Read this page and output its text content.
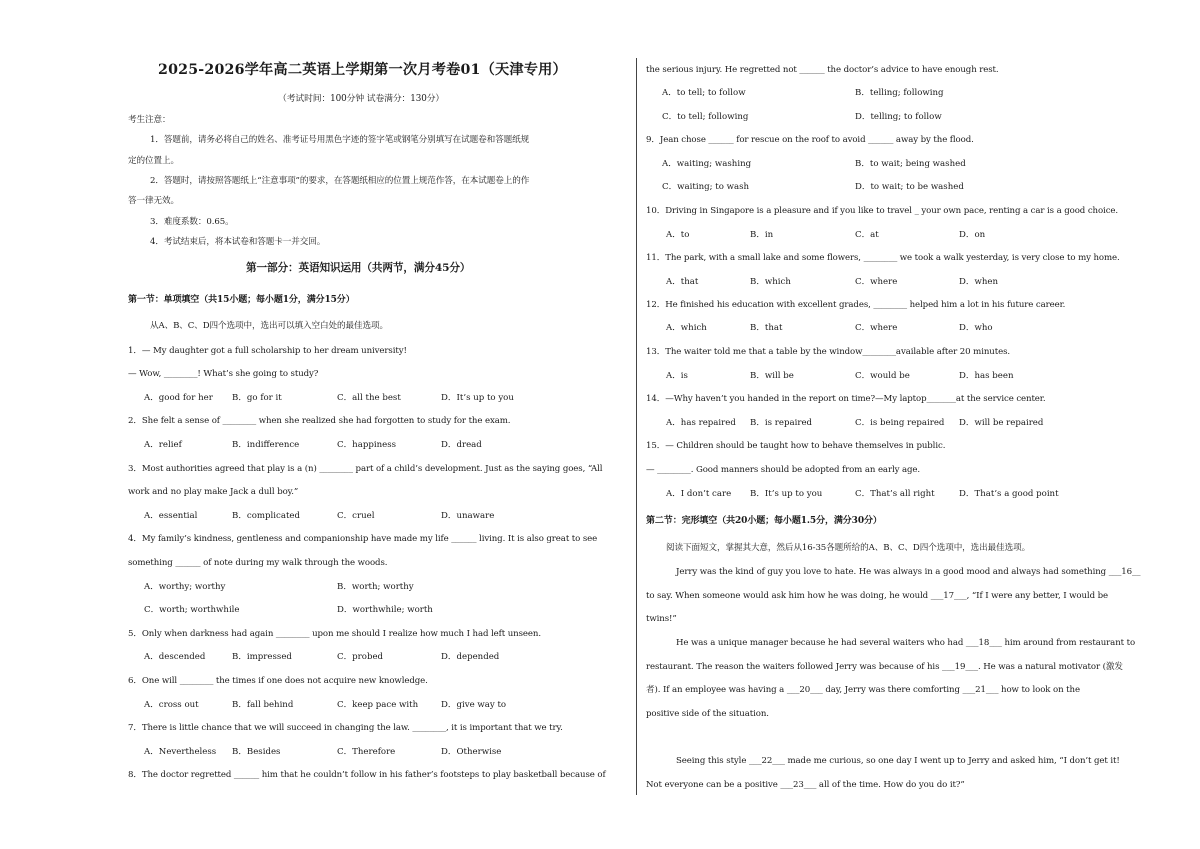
2025-2026学年高二英语上学期第一次月考卷01（天津专用）
（考试时间：100分钟 试卷满分：130分）
考生注意：
1．答题前，请务必将自己的姓名、准考证号用黑色字迹的签字笔或钢笔分别填写在试题卷和答题纸规
定的位置上。
2．答题时，请按照答题纸上“注意事项”的要求，在答题纸相应的位置上规范作答，在本试题卷上的作
答一律无效。
3．难度系数：0.65。
4．考试结束后，将本试卷和答题卡一并交回。
第一部分：英语知识运用（共两节，满分45分）
第一节：单项填空（共15小题；每小题1分，满分15分）
从A、B、C、D四个选项中，选出可以填入空白处的最佳选项。
1．— My daughter got a full scholarship to her dream university!
— Wow, ________! What’s she going to study?
A．good for her B．go for it	C．all the best	D．It’s up to you
2．She felt a sense of ________ when she realized she had forgotten to study for the exam.
A．relief	B．indifference	C．happiness	D．dread
3．Most authorities agreed that play is a (n) ________ part of a child’s development. Just as the saying goes, “All
work and no play make Jack a dull boy.”
A．essential	B．complicated	C．cruel	D．unaware
4．My family’s kindness, gentleness and companionship have made my life ______ living. It is also great to see
something ______ of note during my walk through the woods.
A．worthy; worthy	B．worth; worthy
C．worth; worthwhile	D．worthwhile; worth
5．Only when darkness had again ________ upon me should I realize how much I had left unseen.
A．descended	B．impressed	C．probed	D．depended
6．One will ________ the times if one does not acquire new knowledge.
A．cross out	B．fall behind	C．keep pace with	D．give way to
7．There is little chance that we will succeed in changing the law. ________, it is important that we try.
A．Nevertheless B．Besides	C．Therefore	D．Otherwise
8．The doctor regretted ______ him that he couldn’t follow in his father’s footsteps to play basketball because of
the serious injury. He regretted not ______ the doctor’s advice to have enough rest.
A．to tell; to follow	B．telling; following
C．to tell; following	D．telling; to follow
9．Jean chose ______ for rescue on the roof to avoid ______ away by the flood.
A．waiting; washing	B．to wait; being washed
C．waiting; to wash	D．to wait; to be washed
10．Driving in Singapore is a pleasure and if you like to travel _ your own pace, renting a car is a good choice.
A．to	B．in	C．at	D．on
11．The park, with a small lake and some flowers, ________ we took a walk yesterday, is very close to my home.
A．that	B．which	C．where	D．when
12．He finished his education with excellent grades, ________ helped him a lot in his future career.
A．which	B．that	C．where	D．who
13．The waiter told me that a table by the window________available after 20 minutes.
A．is	B．will be	C．would be	D．has been
14．—Why haven’t you handed in the report on time?—My laptop_______at the service center.
A．has repaired B．is repaired	C．is being repaired D．will be repaired
15．— Children should be taught how to behave themselves in public.
— ________. Good manners should be adopted from an early age.
A．I don’t care B．It’s up to you	C．That’s all right	D．That’s a good point
第二节：完形填空（共20小题；每小题1.5分，满分30分）
阅读下面短文，掌握其大意，然后从16-35各题所给的A、B、C、D四个选项中，选出最佳选项。
Jerry was the kind of guy you love to hate. He was always in a good mood and always had something ___16__
to say. When someone would ask him how he was doing, he would ___17___, “If I were any better, I would be
twins!”
He was a unique manager because he had several waiters who had ___18___ him around from restaurant to
restaurant. The reason the waiters followed Jerry was because of his ___19___. He was a natural motivator (激发
者). If an employee was having a ___20___ day, Jerry was there comforting ___21___ how to look on the
positive side of the situation.
Seeing this style ___22___ made me curious, so one day I went up to Jerry and asked him, “I don’t get it!
Not everyone can be a positive ___23___ all of the time. How do you do it?”
